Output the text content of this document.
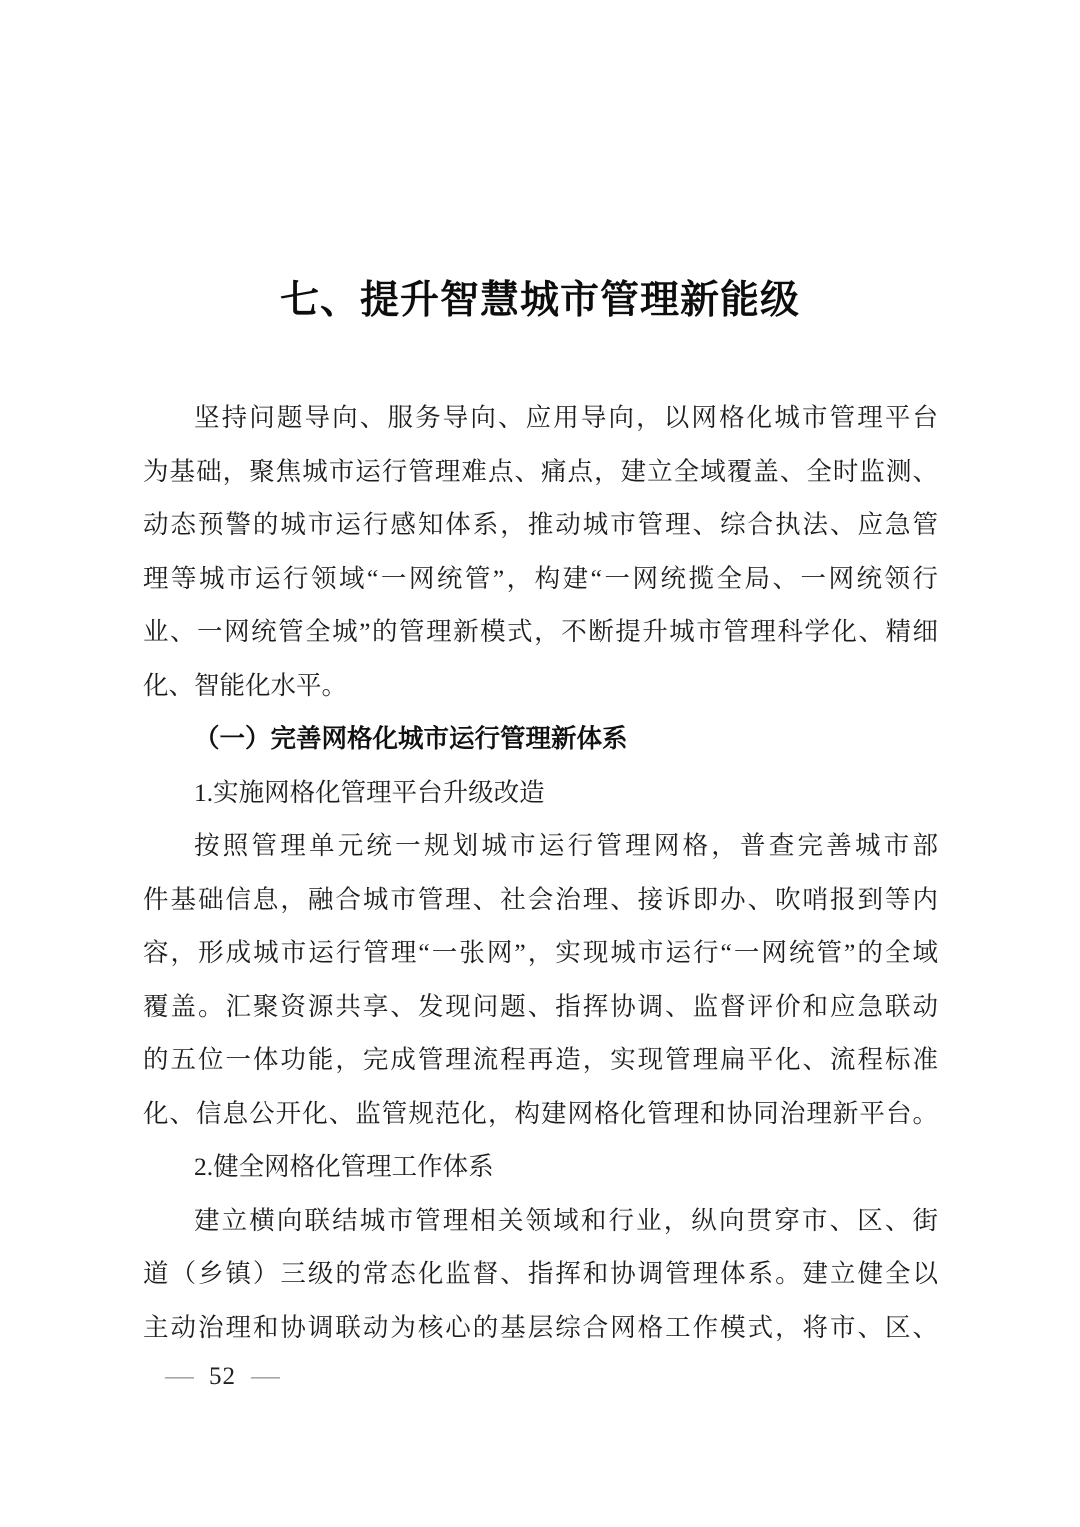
七、提升智慧城市管理新能级
坚持问题导向、服务导向、应用导向，以网格化城市管理平台
为基础，聚焦城市运行管理难点、痛点，建立全域覆盖、全时监测、
动态预警的城市运行感知体系，推动城市管理、综合执法、应急管
理等城市运行领域“一网统管”，构建“一网统揽全局、一网统领行
业、一网统管全城”的管理新模式，不断提升城市管理科学化、精细
化、智能化水平。
（一）完善网格化城市运行管理新体系
1.实施网格化管理平台升级改造
按照管理单元统一规划城市运行管理网格，普查完善城市部
件基础信息，融合城市管理、社会治理、接诉即办、吹哨报到等内
容，形成城市运行管理“一张网”，实现城市运行“一网统管”的全域
覆盖。汇聚资源共享、发现问题、指挥协调、监督评价和应急联动
的五位一体功能，完成管理流程再造，实现管理扁平化、流程标准
化、信息公开化、监管规范化，构建网格化管理和协同治理新平台。
2.健全网格化管理工作体系
建立横向联结城市管理相关领域和行业，纵向贯穿市、区、街
道（乡镇）三级的常态化监督、指挥和协调管理体系。建立健全以
主动治理和协调联动为核心的基层综合网格工作模式，将市、区、
— 52 —
